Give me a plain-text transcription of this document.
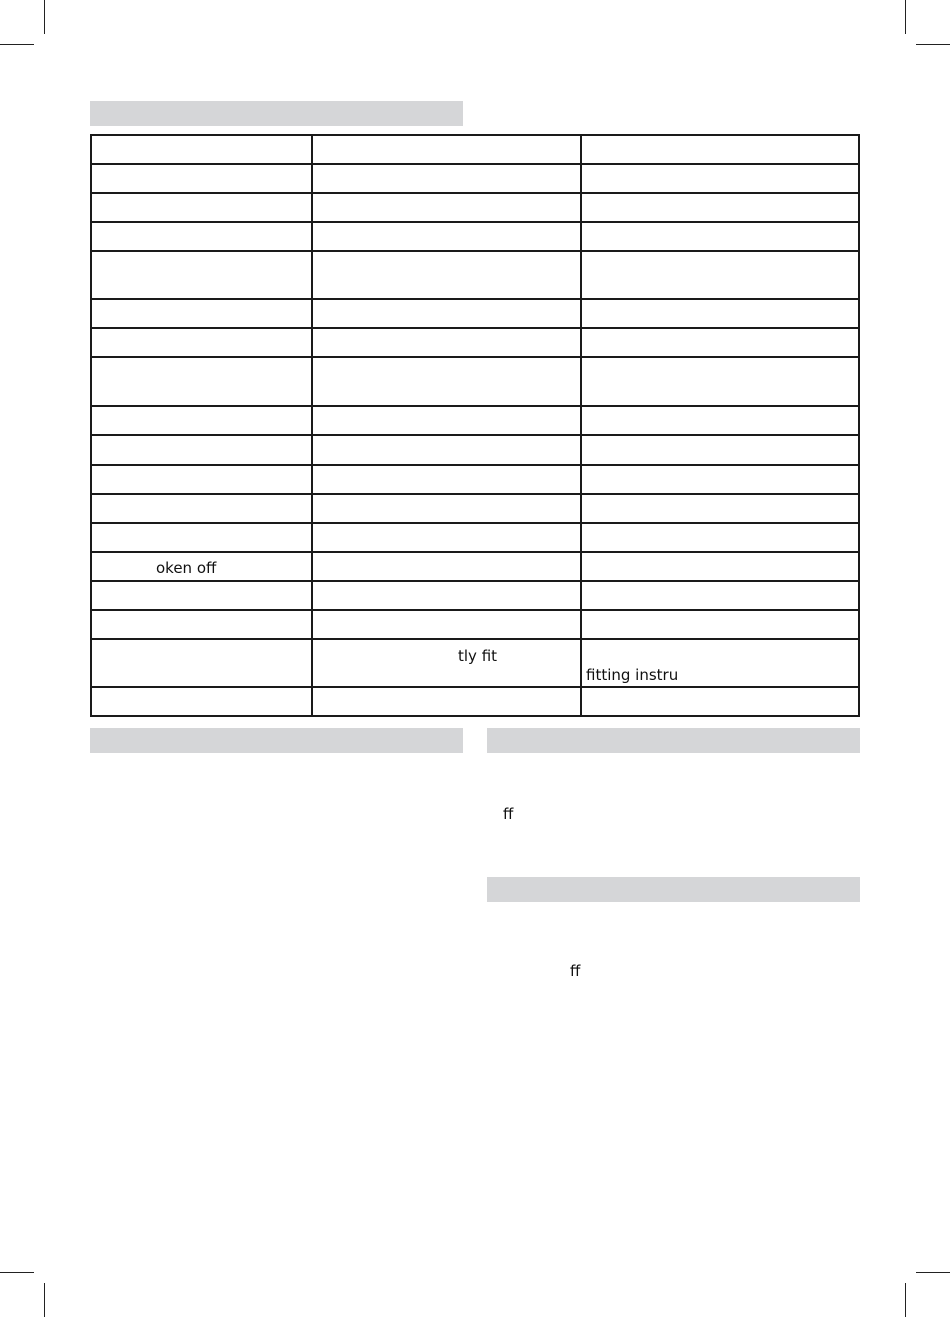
oken off
tly fit
fitting instru
ff
ff
